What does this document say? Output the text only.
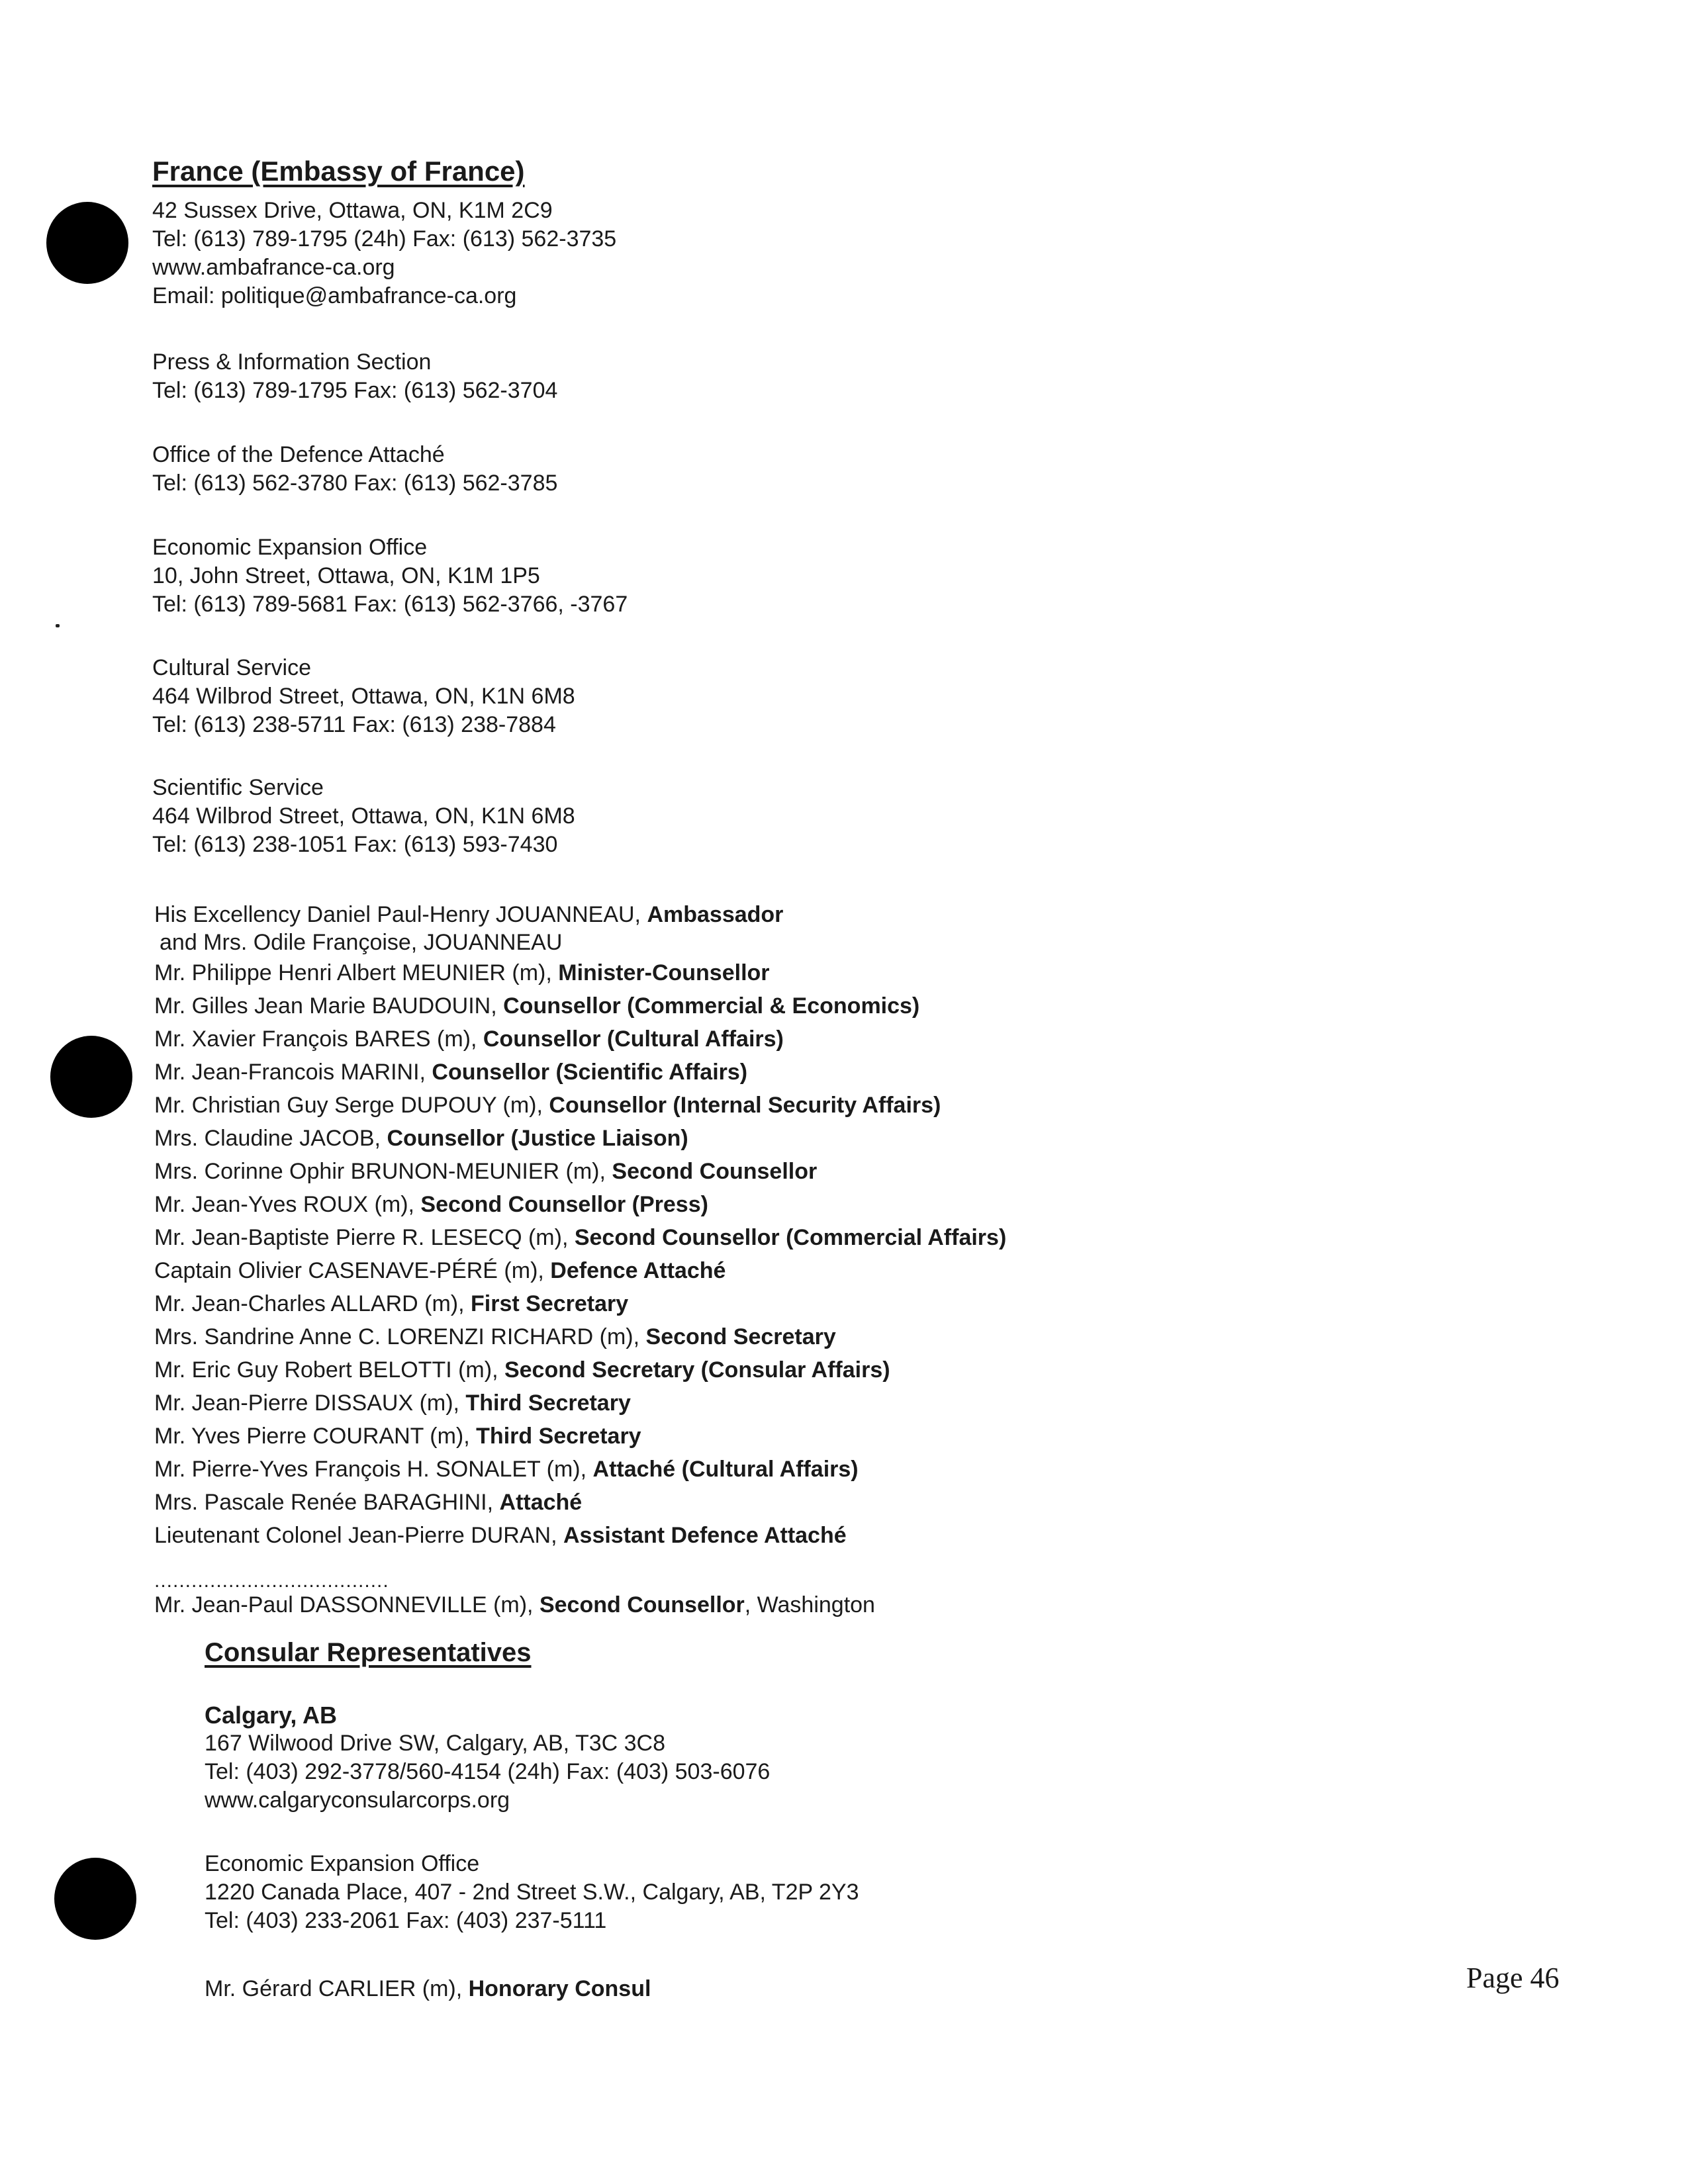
France (Embassy of France)
42 Sussex Drive, Ottawa, ON, K1M 2C9
Tel: (613) 789-1795 (24h) Fax: (613) 562-3735
www.ambafrance-ca.org
Email: politique@ambafrance-ca.org
Press & Information Section
Tel: (613) 789-1795 Fax: (613) 562-3704
Office of the Defence Attaché
Tel: (613) 562-3780 Fax: (613) 562-3785
Economic Expansion Office
10, John Street, Ottawa, ON, K1M 1P5
Tel: (613) 789-5681 Fax: (613) 562-3766, -3767
Cultural Service
464 Wilbrod Street, Ottawa, ON, K1N 6M8
Tel: (613) 238-5711 Fax: (613) 238-7884
Scientific Service
464 Wilbrod Street, Ottawa, ON, K1N 6M8
Tel: (613) 238-1051 Fax: (613) 593-7430
His Excellency Daniel Paul-Henry JOUANNEAU, Ambassador
and Mrs. Odile Françoise, JOUANNEAU
Mr. Philippe Henri Albert MEUNIER (m), Minister-Counsellor
Mr. Gilles Jean Marie BAUDOUIN, Counsellor (Commercial & Economics)
Mr. Xavier François BARES (m), Counsellor (Cultural Affairs)
Mr. Jean-Francois MARINI, Counsellor (Scientific Affairs)
Mr. Christian Guy Serge DUPOUY (m), Counsellor (Internal Security Affairs)
Mrs. Claudine JACOB, Counsellor (Justice Liaison)
Mrs. Corinne Ophir BRUNON-MEUNIER (m), Second Counsellor
Mr. Jean-Yves ROUX (m), Second Counsellor (Press)
Mr. Jean-Baptiste Pierre R. LESECQ (m), Second Counsellor (Commercial Affairs)
Captain Olivier CASENAVE-PÉRÉ (m), Defence Attaché
Mr. Jean-Charles ALLARD (m), First Secretary
Mrs. Sandrine Anne C. LORENZI RICHARD (m), Second Secretary
Mr. Eric Guy Robert BELOTTI (m), Second Secretary (Consular Affairs)
Mr. Jean-Pierre DISSAUX (m), Third Secretary
Mr. Yves Pierre COURANT (m), Third Secretary
Mr. Pierre-Yves François H. SONALET (m), Attaché (Cultural Affairs)
Mrs. Pascale Renée BARAGHINI, Attaché
Lieutenant Colonel Jean-Pierre DURAN, Assistant Defence Attaché
......................................
Mr. Jean-Paul DASSONNEVILLE (m), Second Counsellor, Washington
Consular Representatives
Calgary, AB
167 Wilwood Drive SW, Calgary, AB, T3C 3C8
Tel: (403) 292-3778/560-4154 (24h) Fax: (403) 503-6076
www.calgaryconsularcorps.org
Economic Expansion Office
1220 Canada Place, 407 - 2nd Street S.W., Calgary, AB, T2P 2Y3
Tel: (403) 233-2061 Fax: (403) 237-5111
Mr. Gérard CARLIER (m), Honorary Consul	Page 46
